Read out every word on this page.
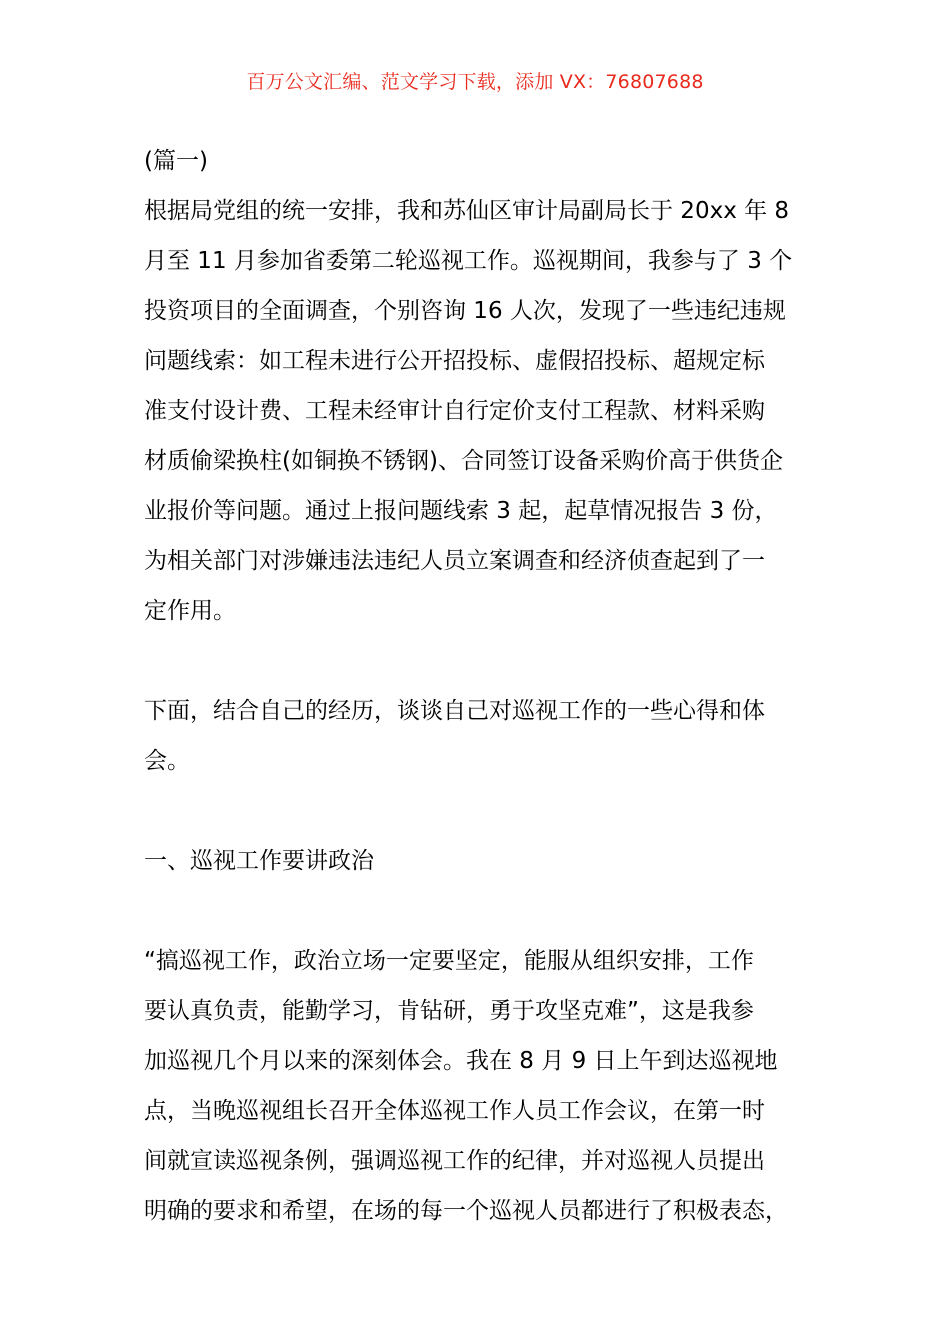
百万公文汇编、范文学习下载，添加 VX：76807688
(篇一)
根据局党组的统一安排，我和苏仙区审计局副局长于 20xx 年 8
月至 11 月参加省委第二轮巡视工作。巡视期间，我参与了 3 个
投资项目的全面调查，个别咨询 16 人次，发现了一些违纪违规
问题线索：如工程未进行公开招投标、虚假招投标、超规定标
准支付设计费、工程未经审计自行定价支付工程款、材料采购
材质偷梁换柱(如铜换不锈钢)、合同签订设备采购价高于供货企
业报价等问题。通过上报问题线索 3 起，起草情况报告 3 份，
为相关部门对涉嫌违法违纪人员立案调查和经济侦查起到了一
定作用。
下面，结合自己的经历，谈谈自己对巡视工作的一些心得和体
会。
一、巡视工作要讲政治
“搞巡视工作，政治立场一定要坚定，能服从组织安排，工作
要认真负责，能勤学习，肯钻研，勇于攻坚克难”，这是我参
加巡视几个月以来的深刻体会。我在 8 月 9 日上午到达巡视地
点，当晚巡视组长召开全体巡视工作人员工作会议，在第一时
间就宣读巡视条例，强调巡视工作的纪律，并对巡视人员提出
明确的要求和希望，在场的每一个巡视人员都进行了积极表态，
